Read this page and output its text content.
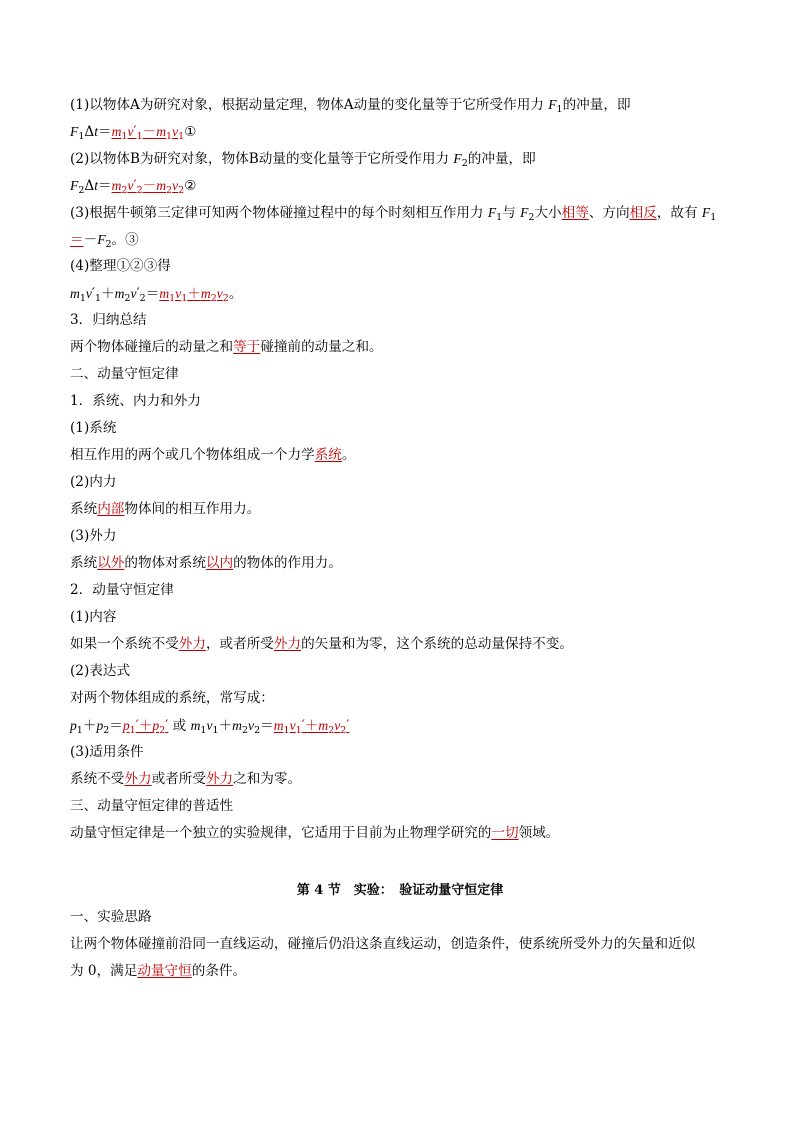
(1)以物体A为研究对象，根据动量定理，物体A动量的变化量等于它所受作用力 $F_1$的冲量，即
$F_1\Delta t=m_1v'_1-m_1v_1①$
(2)以物体B为研究对象，物体B动量的变化量等于它所受作用力 $F_2$的冲量，即
$F_2\Delta t=m_2v'_2-m_2v_2②$
(3)根据牛顿第三定律可知两个物体碰撞过程中的每个时刻相互作用力 $F_1$与 $F_2$大小相等、方向相反，故有 $F_1$
$=-F_2$。③
(4)整理①②③得
$m_1v'_1+m_2v'_2=m_1v_1+m_2v_2$。
3．归纳总结
两个物体碰撞后的动量之和等于碰撞前的动量之和。
二、动量守恒定律
1．系统、内力和外力
(1)系统
相互作用的两个或几个物体组成一个力学系统。
(2)内力
系统内部物体间的相互作用力。
(3)外力
系统以外的物体对系统以内的物体的作用力。
2．动量守恒定律
(1)内容
如果一个系统不受外力，或者所受外力的矢量和为零，这个系统的总动量保持不变。
(2)表达式
对两个物体组成的系统，常写成：
$p_1+p_2=p_1'+p_2'$ 或 $m_1v_1+m_2v_2=m_1v_1'+m_2v_2'$
(3)适用条件
系统不受外力或者所受外力之和为零。
三、动量守恒定律的普适性
动量守恒定律是一个独立的实验规律，它适用于目前为止物理学研究的一切领域。
第 4 节　实验：　验证动量守恒定律
一、实验思路
让两个物体碰撞前沿同一直线运动，碰撞后仍沿这条直线运动，创造条件，使系统所受外力的矢量和近似
为 0，满足动量守恒的条件。
